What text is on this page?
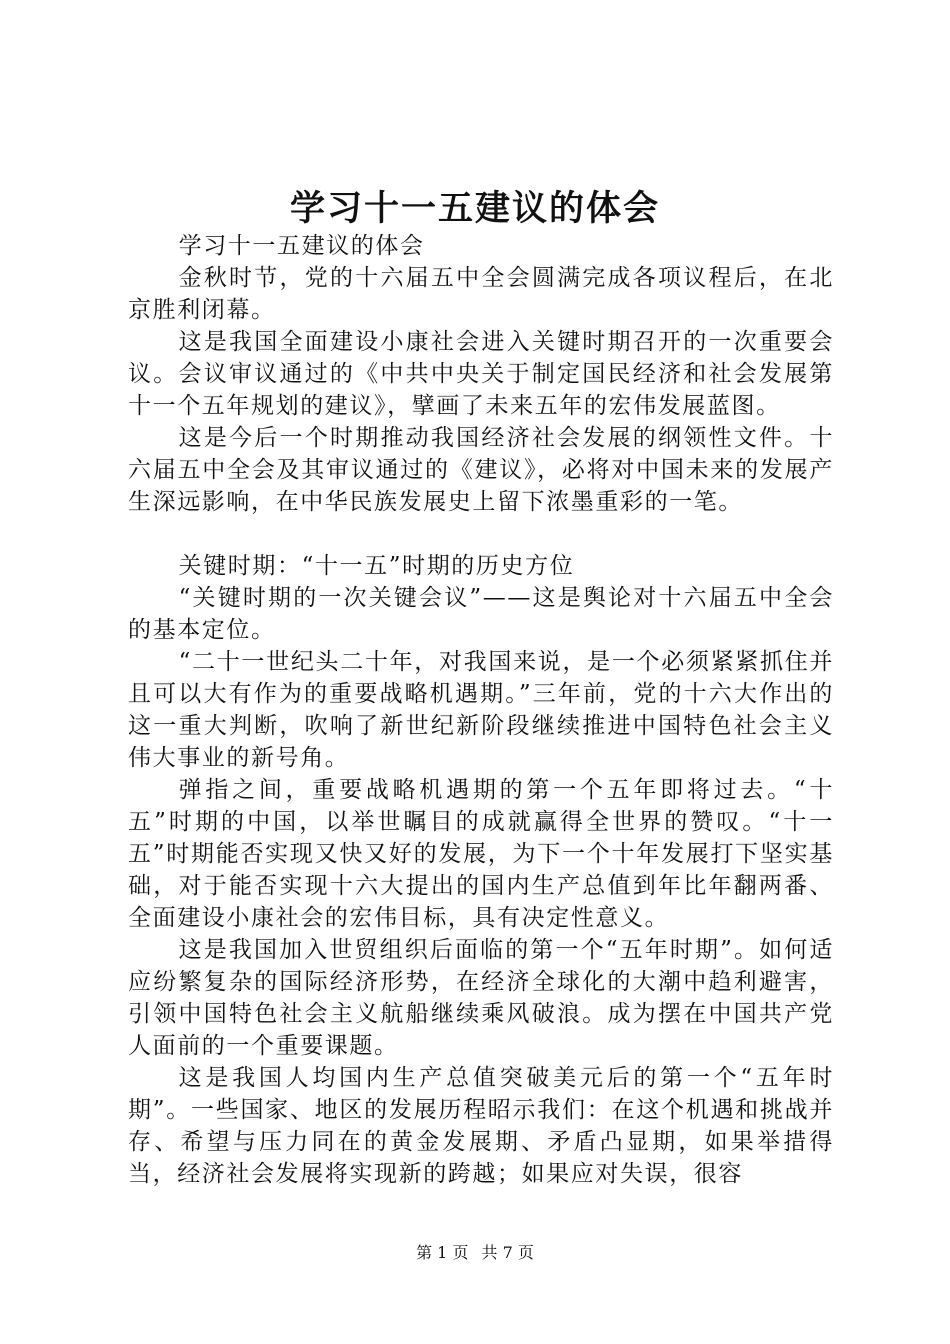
学习十一五建议的体会

学习十一五建议的体会

金秋时节，党的十六届五中全会圆满完成各项议程后，在北京胜利闭幕。

这是我国全面建设小康社会进入关键时期召开的一次重要会议。会议审议通过的《中共中央关于制定国民经济和社会发展第十一个五年规划的建议》，擘画了未来五年的宏伟发展蓝图。

这是今后一个时期推动我国经济社会发展的纲领性文件。十六届五中全会及其审议通过的《建议》，必将对中国未来的发展产生深远影响，在中华民族发展史上留下浓墨重彩的一笔。

关键时期：“十一五”时期的历史方位

“关键时期的一次关键会议”——这是舆论对十六届五中全会的基本定位。

“二十一世纪头二十年，对我国来说，是一个必须紧紧抓住并且可以大有作为的重要战略机遇期。”三年前，党的十六大作出的这一重大判断，吹响了新世纪新阶段继续推进中国特色社会主义伟大事业的新号角。

弹指之间，重要战略机遇期的第一个五年即将过去。“十五”时期的中国，以举世瞩目的成就赢得全世界的赞叹。“十一五”时期能否实现又快又好的发展，为下一个十年发展打下坚实基础，对于能否实现十六大提出的国内生产总值到年比年翻两番、全面建设小康社会的宏伟目标，具有决定性意义。

这是我国加入世贸组织后面临的第一个“五年时期”。如何适应纷繁复杂的国际经济形势，在经济全球化的大潮中趋利避害，引领中国特色社会主义航船继续乘风破浪。成为摆在中国共产党人面前的一个重要课题。

这是我国人均国内生产总值突破美元后的第一个“五年时期”。一些国家、地区的发展历程昭示我们：在这个机遇和挑战并存、希望与压力同在的黄金发展期、矛盾凸显期，如果举措得当，经济社会发展将实现新的跨越；如果应对失误，很容

第 1 页 共 7 页
